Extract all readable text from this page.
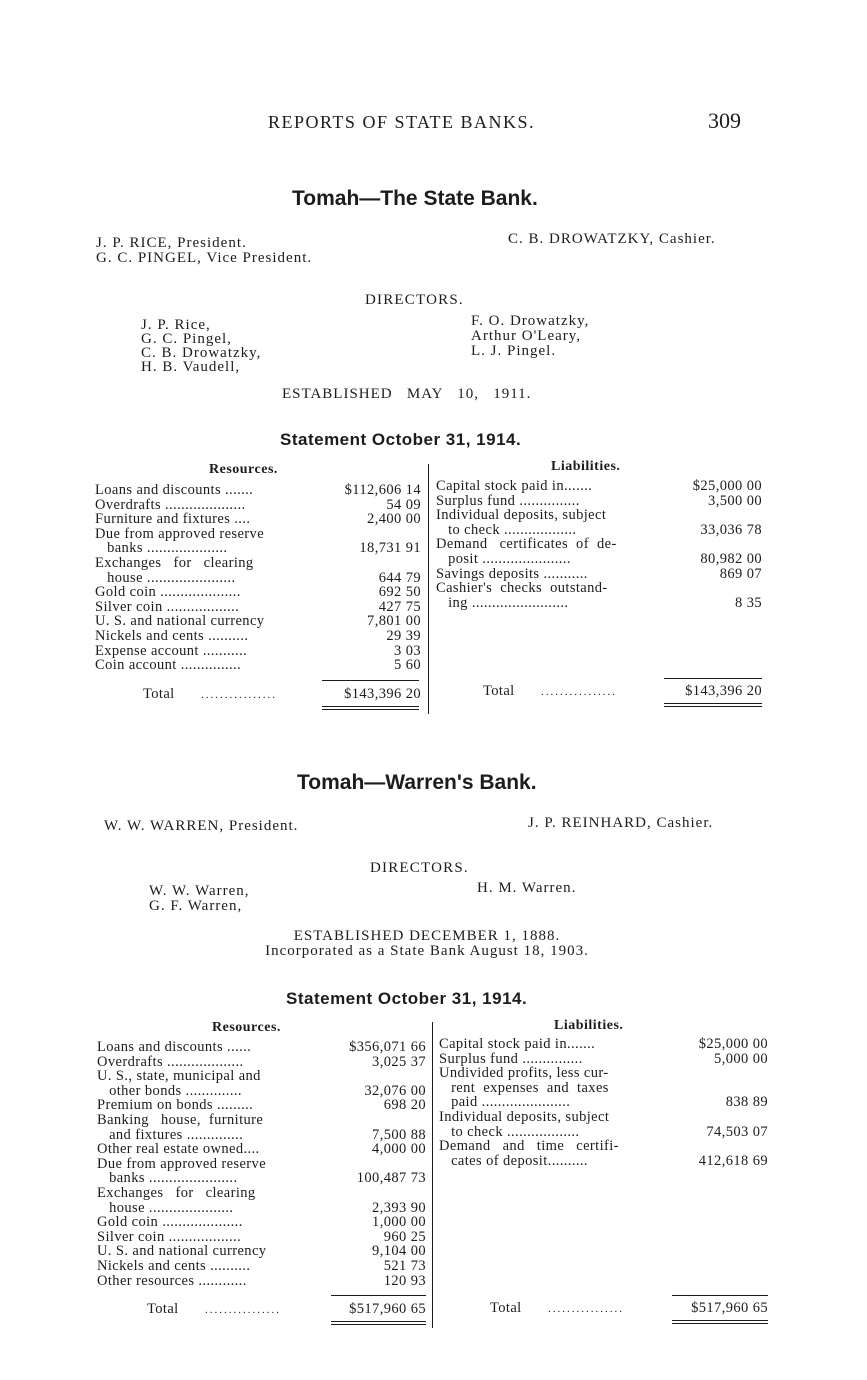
REPORTS OF STATE BANKS.	309
Tomah—The State Bank.
J. P. RICE, President.
G. C. PINGEL, Vice President.
C. B. DROWATZKY, Cashier.
DIRECTORS.
J. P. Rice,
G. C. Pingel,
C. B. Drowatzky,
H. B. Vaudell,
F. O. Drowatzky,
Arthur O'Leary,
L. J. Pingel.
ESTABLISHED   MAY   10,   1911.
Statement October 31, 1914.
Resources.	Liabilities.
Loans and discounts .......	$112,606 14
Overdrafts ....................	54 09
Furniture and fixtures ....	2,400 00
Due from approved reserve
banks ....................	18,731 91
Exchanges   for   clearing
house ......................	644 79
Gold coin ....................	692 50
Silver coin ..................	427 75
U. S. and national currency	7,801 00
Nickels and cents ..........	29 39
Expense account ...........	3 03
Coin account ...............	5 60
Capital stock paid in.......	$25,000 00
Surplus fund ...............	3,500 00
Individual deposits, subject
to check ..................	33,036 78
Demand   certificates  of  de-
posit ......................	80,982 00
Savings deposits ...........	869 07
Cashier's  checks  outstand-
ing ........................	8 35
Total ................	$143,396 20	Total ................	$143,396 20
Tomah—Warren's Bank.
W. W. WARREN, President.	J. P. REINHARD, Cashier.
DIRECTORS.
W. W. Warren,
G. F. Warren,
H. M. Warren.
ESTABLISHED DECEMBER 1, 1888.
Incorporated as a State Bank August 18, 1903.
Statement October 31, 1914.
Resources.	Liabilities.
Loans and discounts ......	$356,071 66
Overdrafts ...................	3,025 37
U. S., state, municipal and
other bonds ..............	32,076 00
Premium on bonds .........	698 20
Banking   house,  furniture
and fixtures ..............	7,500 88
Other real estate owned....	4,000 00
Due from approved reserve
banks ......................	100,487 73
Exchanges   for   clearing
house .....................	2,393 90
Gold coin ....................	1,000 00
Silver coin ..................	960 25
U. S. and national currency	9,104 00
Nickels and cents ..........	521 73
Other resources ............	120 93
Capital stock paid in.......	$25,000 00
Surplus fund ...............	5,000 00
Undivided profits, less cur-
rent  expenses  and  taxes
paid ......................	838 89
Individual deposits, subject
to check ..................	74,503 07
Demand   and   time   certifi-
cates of deposit..........	412,618 69
Total ................	$517,960 65	Total ................	$517,960 65
